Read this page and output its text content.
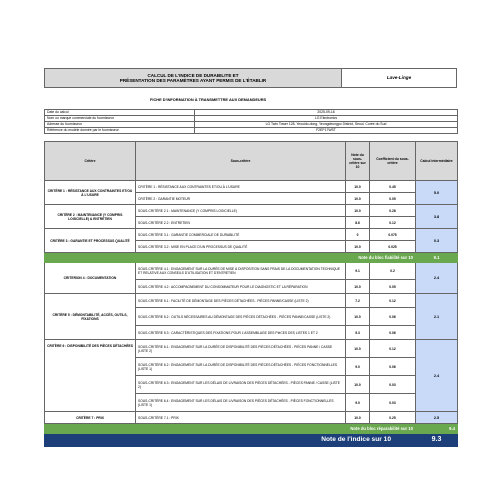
CALCUL DE L'INDICE DE DURABILITE ET
PRÉSENTATION DES PARAMÈTRES AYANT PERMIS DE L'ÉTABLIR
	Lave-Linge
FICHE D'INFORMATION À TRANSMETTRE AUX DEMANDEURS
Date du calcul	2025-09-16
Nom ou marque commerciale du fournisseur	LG Electronics
Adresse du fournisseur	LG Twin Tower 128, Yeouido-dong, Yeongdeungpo District, Seoul, Corée du Sud
Référence du modèle donnée par le fournisseur	F2EP17WST
Critère	Sous-critère	Note du sous-critère sur 10	Coefficient du sous-critère	Calcul intermédiaire
CRITÈRE 1 : RÉSISTANCE AUX CONTRAINTES ET/OU À L'USURE	CRITÈRE 1 : RÉSISTANCE AUX CONTRAINTES ET/OU À L'USURE	10.0	0.45	5.0
	CRITÈRE 2 : GARANTIE MOTEUR	10.0	0.05	
CRITÈRE 2 : MAINTENANCE (Y COMPRIS LOGICIELLE) & ENTRETIEN	SOUS-CRITÈRE 2.1 : MAINTENANCE (Y COMPRIS LOGICIELLE)	10.0	0.28	3.8
	SOUS-CRITÈRE 2.2 : ENTRETIEN	8.6	0.12	
CRITÈRE 3 : GARANTIE ET PROCESSUS QUALITÉ	SOUS-CRITÈRE 3.1 : GARANTIE COMMERCIALE DE DURABILITÉ	0	0.075	0.3
	SOUS-CRITÈRE 3.2 : MISE EN PLACE D'UN PROCESSUS DE QUALITÉ	10.0	0.025	
Note du bloc fiabilité sur 10				9.1
CRITERION 4 : DOCUMENTATION	SOUS-CRITÈRE 4.1 : ENGAGEMENT SUR LA DURÉE DE MISE À DISPOSITION SANS FRAIS DE LA DOCUMENTATION TECHNIQUE ET RELATIVE AUX CONSEILS D'UTILISATION ET D'ENTRETIEN	9.1	0.2	2.4
	SOUS-CRITÈRE 4.2 : ACCOMPAGNEMENT DU CONSOMMATEUR POUR LE DIAGNOSTIC ET LA RÉPARATION	10.0	0.05	
CRITÈRE 5 : DÉMONTABILITÉ, ACCÈS, OUTILS, FIXATIONS	SOUS-CRITÈRE 5.1 : FACILITÉ DE DÉMONTAGE DES PIÈCES DÉTACHÉES - PIÈCES PANNE/CASSE (LISTE 2)	7.2	0.12	2.1
	SOUS-CRITÈRE 5.2 : OUTILS NÉCESSAIRES AU DÉMONTAGE DES PIÈCES DÉTACHÉES - PIÈCES PANNE/CASSE (LISTE 2)	10.0	0.06	
	SOUS-CRITÈRE 5.3 : CARACTÉRISTIQUES DES FIXATIONS POUR L'ASSEMBLAGE DES PIèCES DES LISTES 1 ET 2	5.3	0.06	
CRITÈRE 6 : DISPONIBILITÉ DES PIÈCES DÉTACHÉES	SOUS-CRITÈRE 6.1 : ENGAGEMENT SUR LA DURÉE DE DISPONIBILITÉ DES PIÈCES DÉTACHÉES - PIÈCES PANNE / CASSE (LISTE 2)	10.0	0.12	2.4
	SOUS-CRITÈRE 6.2 : ENGAGEMENT SUR LA DURÉE DE DISPONIBILITÉ DES PIÈCES DÉTACHÉES - PIÈCES FONCTIONNELLES (LISTE 1)	9.0	0.06	
	SOUS-CRITÈRE 6.3 : ENGAGEMENT SUR LES DÉLAIS DE LIVRAISON DES PIÈCES DÉTACHÉES - PIÈCES PANNE / CASSE (LISTE 2)	10.0	0.03	
	SOUS-CRITÈRE 6.4 : ENGAGEMENT SUR LES DÉLAIS DE LIVRAISON DES PIÈCES DÉTACHÉES - PIÈCES FONCTIONNELLES (LISTE 1)	9.0	0.03	
CRITÈRE 7 : PRIX	SOUS-CRITÈRE 7.1 : PRIX	10.0	0.25	2.5
Note du bloc réparabilité sur 10				9.4
Note de l'indice sur 10				9.3
